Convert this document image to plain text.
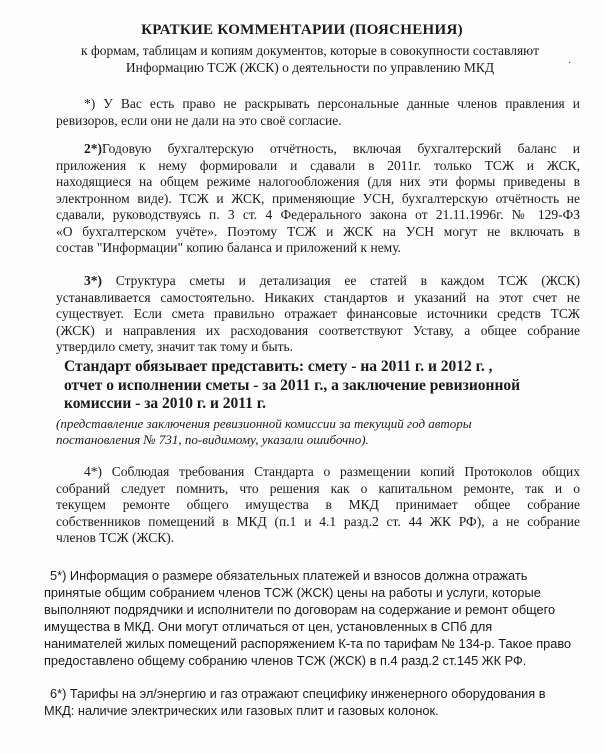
КРАТКИЕ КОММЕНТАРИИ (ПОЯСНЕНИЯ)
к формам, таблицам и копиям документов, которые в совокупности составляют
Информацию ТСЖ (ЖСК) о деятельности по управлению МКД	·
*) У Вас есть право не раскрывать персональные данные членов правления и
ревизоров, если они не дали на это своё согласие.
2*)Годовую бухгалтерскую отчётность, включая бухгалтерский баланс и
приложения к нему формировали и сдавали в 2011г. только ТСЖ и ЖСК,
находящиеся на общем режиме налогообложения (для них эти формы приведены в
электронном виде). ТСЖ и ЖСК, применяющие УСН, бухгалтерскую отчётность не
сдавали, руководствуясь п. 3 ст. 4 Федерального закона от 21.11.1996г. № 129-ФЗ
«О бухгалтерском учёте». Поэтому ТСЖ и ЖСК на УСН могут не включать в
состав "Информации" копию баланса и приложений к нему.
3*) Структура сметы и детализация ее статей в каждом ТСЖ (ЖСК)
устанавливается самостоятельно. Никаких стандартов и указаний на этот счет не
существует. Если смета правильно отражает финансовые источники средств ТСЖ
(ЖСК) и направления их расходования соответствуют Уставу, а общее собрание
утвердило смету, значит так тому и быть.
Стандарт обязывает представить: смету - на 2011 г. и 2012 г. ,
отчет о исполнении сметы - за 2011 г., а заключение ревизионной
комиссии - за 2010 г. и 2011 г.
(представление заключения ревизионной комиссии за текущий год авторы
постановления № 731, по-видимому, указали ошибочно).
4*) Соблюдая требования Стандарта о размещении копий Протоколов общих
собраний следует помнить, что решения как о капитальном ремонте, так и о
текущем ремонте общего имущества в МКД принимает общее собрание
собственников помещений в МКД (п.1 и 4.1 разд.2 ст. 44 ЖК РФ), а не собрание
членов ТСЖ (ЖСК).
5*) Информация о размере обязательных платежей и взносов должна отражать
принятые общим собранием членов ТСЖ (ЖСК) цены на работы и услуги, которые
выполняют подрядчики и исполнители по договорам на содержание и ремонт общего
имущества в МКД. Они могут отличаться от цен, установленных в СПб для
нанимателей жилых помещений распоряжением К-та по тарифам № 134-р. Такое право
предоставлено общему собранию членов ТСЖ (ЖСК) в п.4 разд.2 ст.145 ЖК РФ.
6*) Тарифы на эл/энергию и газ отражают специфику инженерного оборудования в
МКД: наличие электрических или газовых плит и газовых колонок.
